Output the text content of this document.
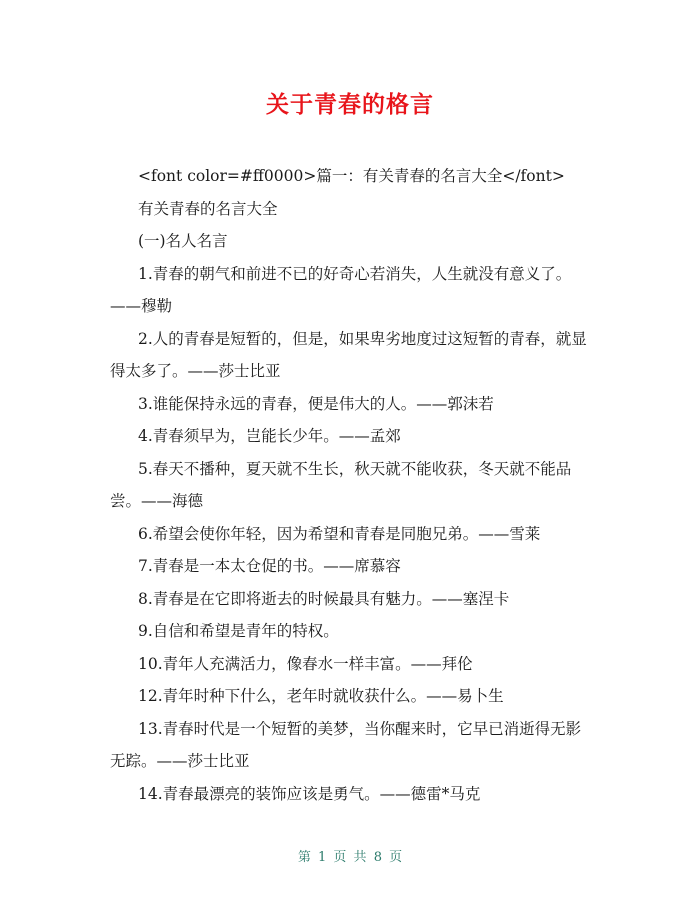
关于青春的格言

<font color=#ff0000>篇一：有关青春的名言大全</font>

有关青春的名言大全

(一)名人名言

1.青春的朝气和前进不已的好奇心若消失，人生就没有意义了。——穆勒

2.人的青春是短暂的，但是，如果卑劣地度过这短暂的青春，就显得太多了。——莎士比亚

3.谁能保持永远的青春，便是伟大的人。——郭沫若

4.青春须早为，岂能长少年。——孟郊

5.春天不播种，夏天就不生长，秋天就不能收获，冬天就不能品尝。——海德

6.希望会使你年轻，因为希望和青春是同胞兄弟。——雪莱

7.青春是一本太仓促的书。——席慕容

8.青春是在它即将逝去的时候最具有魅力。——塞涅卡

9.自信和希望是青年的特权。

10.青年人充满活力，像春水一样丰富。——拜伦

12.青年时种下什么，老年时就收获什么。——易卜生

13.青春时代是一个短暂的美梦，当你醒来时，它早已消逝得无影无踪。——莎士比亚

14.青春最漂亮的装饰应该是勇气。——德雷*马克

第 1 页 共 8 页
